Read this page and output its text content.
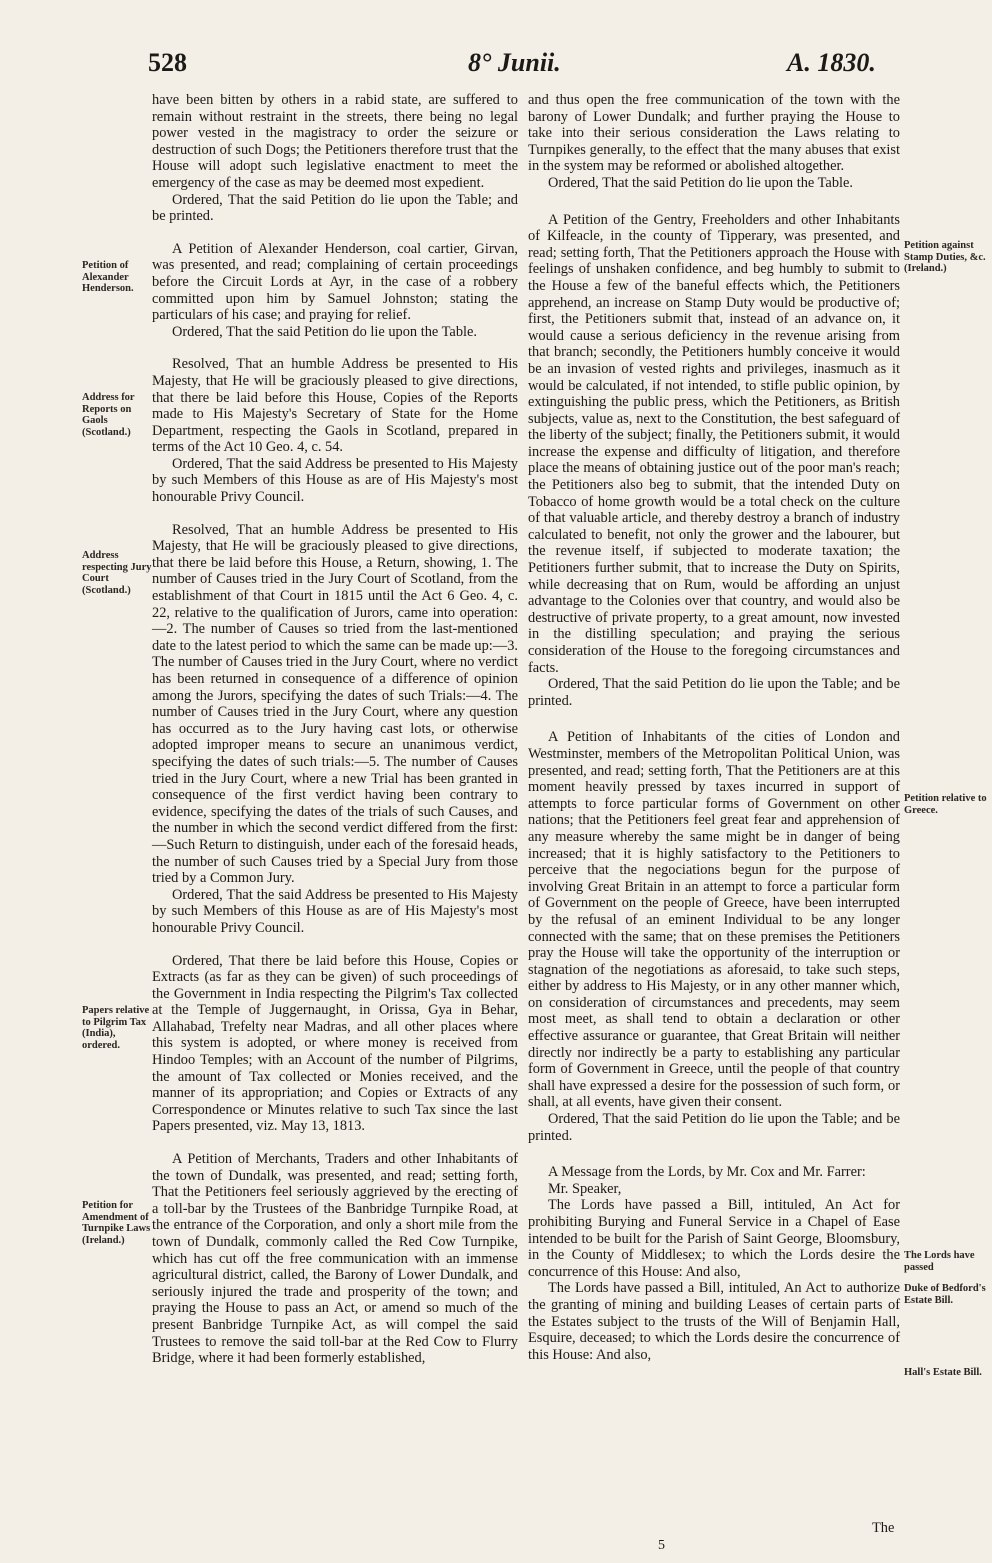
528	8° Junii.	A. 1830.

have been bitten by others in a rabid state, are suffered to remain without restraint in the streets, there being no legal power vested in the magistracy to order the seizure or destruction of such Dogs; the Petitioners therefore trust that the House will adopt such legislative enactment to meet the emergency of the case as may be deemed most expedient.

Ordered, That the said Petition do lie upon the Table; and be printed.

A Petition of Alexander Henderson, coal cartier, Girvan, was presented, and read; complaining of certain proceedings before the Circuit Lords at Ayr, in the case of a robbery committed upon him by Samuel Johnston; stating the particulars of his case; and praying for relief.

Ordered, That the said Petition do lie upon the Table.

Resolved, That an humble Address be presented to His Majesty, that He will be graciously pleased to give directions, that there be laid before this House, Copies of the Reports made to His Majesty's Secretary of State for the Home Department, respecting the Gaols in Scotland, prepared in terms of the Act 10 Geo. 4, c. 54.

Ordered, That the said Address be presented to His Majesty by such Members of this House as are of His Majesty's most honourable Privy Council.

Resolved, That an humble Address be presented to His Majesty, that He will be graciously pleased to give directions, that there be laid before this House, a Return, showing, 1. The number of Causes tried in the Jury Court of Scotland, from the establishment of that Court in 1815 until the Act 6 Geo. 4, c. 22, relative to the qualification of Jurors, came into operation:—2. The number of Causes so tried from the last-mentioned date to the latest period to which the same can be made up:—3. The number of Causes tried in the Jury Court, where no verdict has been returned in consequence of a difference of opinion among the Jurors, specifying the dates of such Trials:—4. The number of Causes tried in the Jury Court, where any question has occurred as to the Jury having cast lots, or otherwise adopted improper means to secure an unanimous verdict, specifying the dates of such trials:—5. The number of Causes tried in the Jury Court, where a new Trial has been granted in consequence of the first verdict having been contrary to evidence, specifying the dates of the trials of such Causes, and the number in which the second verdict differed from the first:—Such Return to distinguish, under each of the foresaid heads, the number of such Causes tried by a Special Jury from those tried by a Common Jury.

Ordered, That the said Address be presented to His Majesty by such Members of this House as are of His Majesty's most honourable Privy Council.

Ordered, That there be laid before this House, Copies or Extracts (as far as they can be given) of such proceedings of the Government in India respecting the Pilgrim's Tax collected at the Temple of Juggernaught, in Orissa, Gya in Behar, Allahabad, Trefelty near Madras, and all other places where this system is adopted, or where money is received from Hindoo Temples; with an Account of the number of Pilgrims, the amount of Tax collected or Monies received, and the manner of its appropriation; and Copies or Extracts of any Correspondence or Minutes relative to such Tax since the last Papers presented, viz. May 13, 1813.

A Petition of Merchants, Traders and other Inhabitants of the town of Dundalk, was presented, and read; setting forth, That the Petitioners feel seriously aggrieved by the erecting of a toll-bar by the Trustees of the Banbridge Turnpike Road, at the entrance of the Corporation, and only a short mile from the town of Dundalk, commonly called the Red Cow Turnpike, which has cut off the free communication with an immense agricultural district, called, the Barony of Lower Dundalk, and seriously injured the trade and prosperity of the town; and praying the House to pass an Act, or amend so much of the present Banbridge Turnpike Act, as will compel the said Trustees to remove the said toll-bar at the Red Cow to Flurry Bridge, where it had been formerly established,

and thus open the free communication of the town with the barony of Lower Dundalk; and further praying the House to take into their serious consideration the Laws relating to Turnpikes generally, to the effect that the many abuses that exist in the system may be reformed or abolished altogether.

Ordered, That the said Petition do lie upon the Table.

A Petition of the Gentry, Freeholders and other Inhabitants of Kilfeacle, in the county of Tipperary, was presented, and read; setting forth, That the Petitioners approach the House with feelings of unshaken confidence, and beg humbly to submit to the House a few of the baneful effects which, the Petitioners apprehend, an increase on Stamp Duty would be productive of; first, the Petitioners submit that, instead of an advance on, it would cause a serious deficiency in the revenue arising from that branch; secondly, the Petitioners humbly conceive it would be an invasion of vested rights and privileges, inasmuch as it would be calculated, if not intended, to stifle public opinion, by extinguishing the public press, which the Petitioners, as British subjects, value as, next to the Constitution, the best safeguard of the liberty of the subject; finally, the Petitioners submit, it would increase the expense and difficulty of litigation, and therefore place the means of obtaining justice out of the poor man's reach; the Petitioners also beg to submit, that the intended Duty on Tobacco of home growth would be a total check on the culture of that valuable article, and thereby destroy a branch of industry calculated to benefit, not only the grower and the labourer, but the revenue itself, if subjected to moderate taxation; the Petitioners further submit, that to increase the Duty on Spirits, while decreasing that on Rum, would be affording an unjust advantage to the Colonies over that country, and would also be destructive of private property, to a great amount, now invested in the distilling speculation; and praying the serious consideration of the House to the foregoing circumstances and facts.

Ordered, That the said Petition do lie upon the Table; and be printed.

A Petition of Inhabitants of the cities of London and Westminster, members of the Metropolitan Political Union, was presented, and read; setting forth, That the Petitioners are at this moment heavily pressed by taxes incurred in support of attempts to force particular forms of Government on other nations; that the Petitioners feel great fear and apprehension of any measure whereby the same might be in danger of being increased; that it is highly satisfactory to the Petitioners to perceive that the negociations begun for the purpose of involving Great Britain in an attempt to force a particular form of Government on the people of Greece, have been interrupted by the refusal of an eminent Individual to be any longer connected with the same; that on these premises the Petitioners pray the House will take the opportunity of the interruption or stagnation of the negotiations as aforesaid, to take such steps, either by address to His Majesty, or in any other manner which, on consideration of circumstances and precedents, may seem most meet, as shall tend to obtain a declaration or other effective assurance or guarantee, that Great Britain will neither directly nor indirectly be a party to establishing any particular form of Government in Greece, until the people of that country shall have expressed a desire for the possession of such form, or shall, at all events, have given their consent.

Ordered, That the said Petition do lie upon the Table; and be printed.

A Message from the Lords, by Mr. Cox and Mr. Farrer:

Mr. Speaker,

The Lords have passed a Bill, intituled, An Act for prohibiting Burying and Funeral Service in a Chapel of Ease intended to be built for the Parish of Saint George, Bloomsbury, in the County of Middlesex; to which the Lords desire the concurrence of this House: And also,

The Lords have passed a Bill, intituled, An Act to authorize the granting of mining and building Leases of certain parts of the Estates subject to the trusts of the Will of Benjamin Hall, Esquire, deceased; to which the Lords desire the concurrence of this House: And also,

Petition of Alexander Henderson.
Address for Reports on Gaols (Scotland.)
Address respecting Jury Court (Scotland.)
Papers relative to Pilgrim Tax (India), ordered.
Petition for Amendment of Turnpike Laws (Ireland.)
Petition against Stamp Duties, &c. (Ireland.)
Petition relative to Greece.
The Lords have passed
Duke of Bedford's Estate Bill.
Hall's Estate Bill.
5
The
